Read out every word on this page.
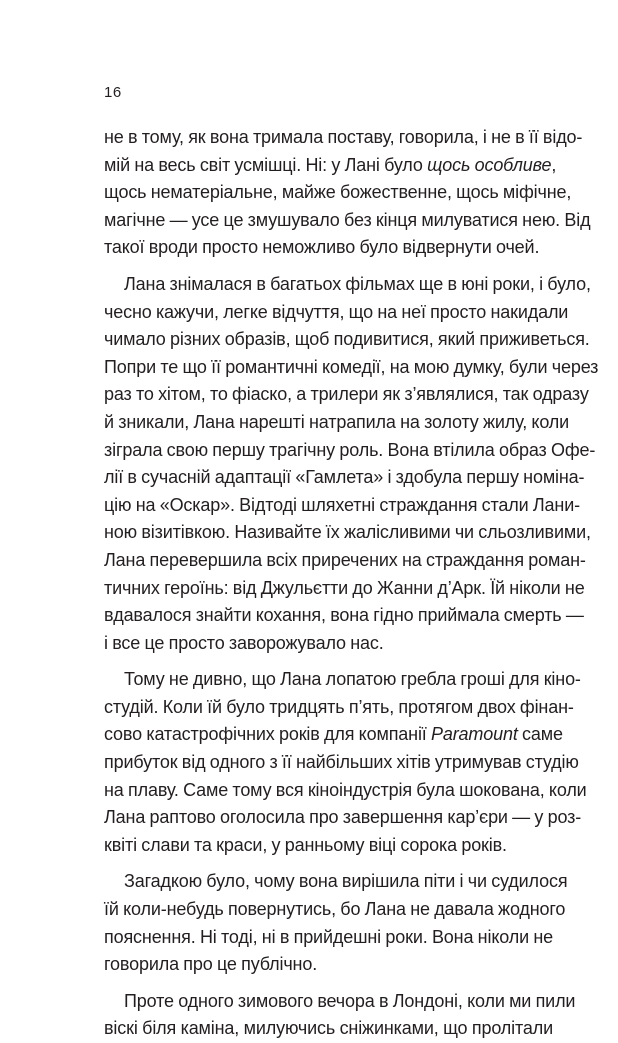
16
не в тому, як вона тримала поставу, говорила, і не в її відо-
мій на весь світ усмішці. Ні: у Лані було щось особливе,
щось нематеріальне, майже божественне, щось міфічне,
магічне — усе це змушувало без кінця милуватися нею. Від
такої вроди просто неможливо було відвернути очей.
Лана знімалася в багатьох фільмах ще в юні роки, і було,
чесно кажучи, легке відчуття, що на неї просто накидали
чимало різних образів, щоб подивитися, який приживеться.
Попри те що її романтичні комедії, на мою думку, були через
раз то хітом, то фіаско, а трилери як з’являлися, так одразу
й зникали, Лана нарешті натрапила на золоту жилу, коли
зіграла свою першу трагічну роль. Вона втілила образ Офе-
лії в сучасній адаптації «Гамлета» і здобула першу номіна-
цію на «Оскар». Відтоді шляхетні страждання стали Лани-
ною візитівкою. Називайте їх жалісливими чи сльозливими,
Лана перевершила всіх приречених на страждання роман-
тичних героїнь: від Джульєтти до Жанни д’Арк. Їй ніколи не
вдавалося знайти кохання, вона гідно приймала смерть —
і все це просто заворожувало нас.
Тому не дивно, що Лана лопатою гребла гроші для кіно-
студій. Коли їй було тридцять п’ять, протягом двох фінан-
сово катастрофічних років для компанії Paramount саме
прибуток від одного з її найбільших хітів утримував студію
на плаву. Саме тому вся кіноіндустрія була шокована, коли
Лана раптово оголосила про завершення кар’єри — у роз-
квіті слави та краси, у ранньому віці сорока років.
Загадкою було, чому вона вирішила піти і чи судилося
їй коли-небудь повернутись, бо Лана не давала жодного
пояснення. Ні тоді, ні в прийдешні роки. Вона ніколи не
говорила про це публічно.
Проте одного зимового вечора в Лондоні, коли ми пили
віскі біля каміна, милуючись сніжинками, що пролітали
